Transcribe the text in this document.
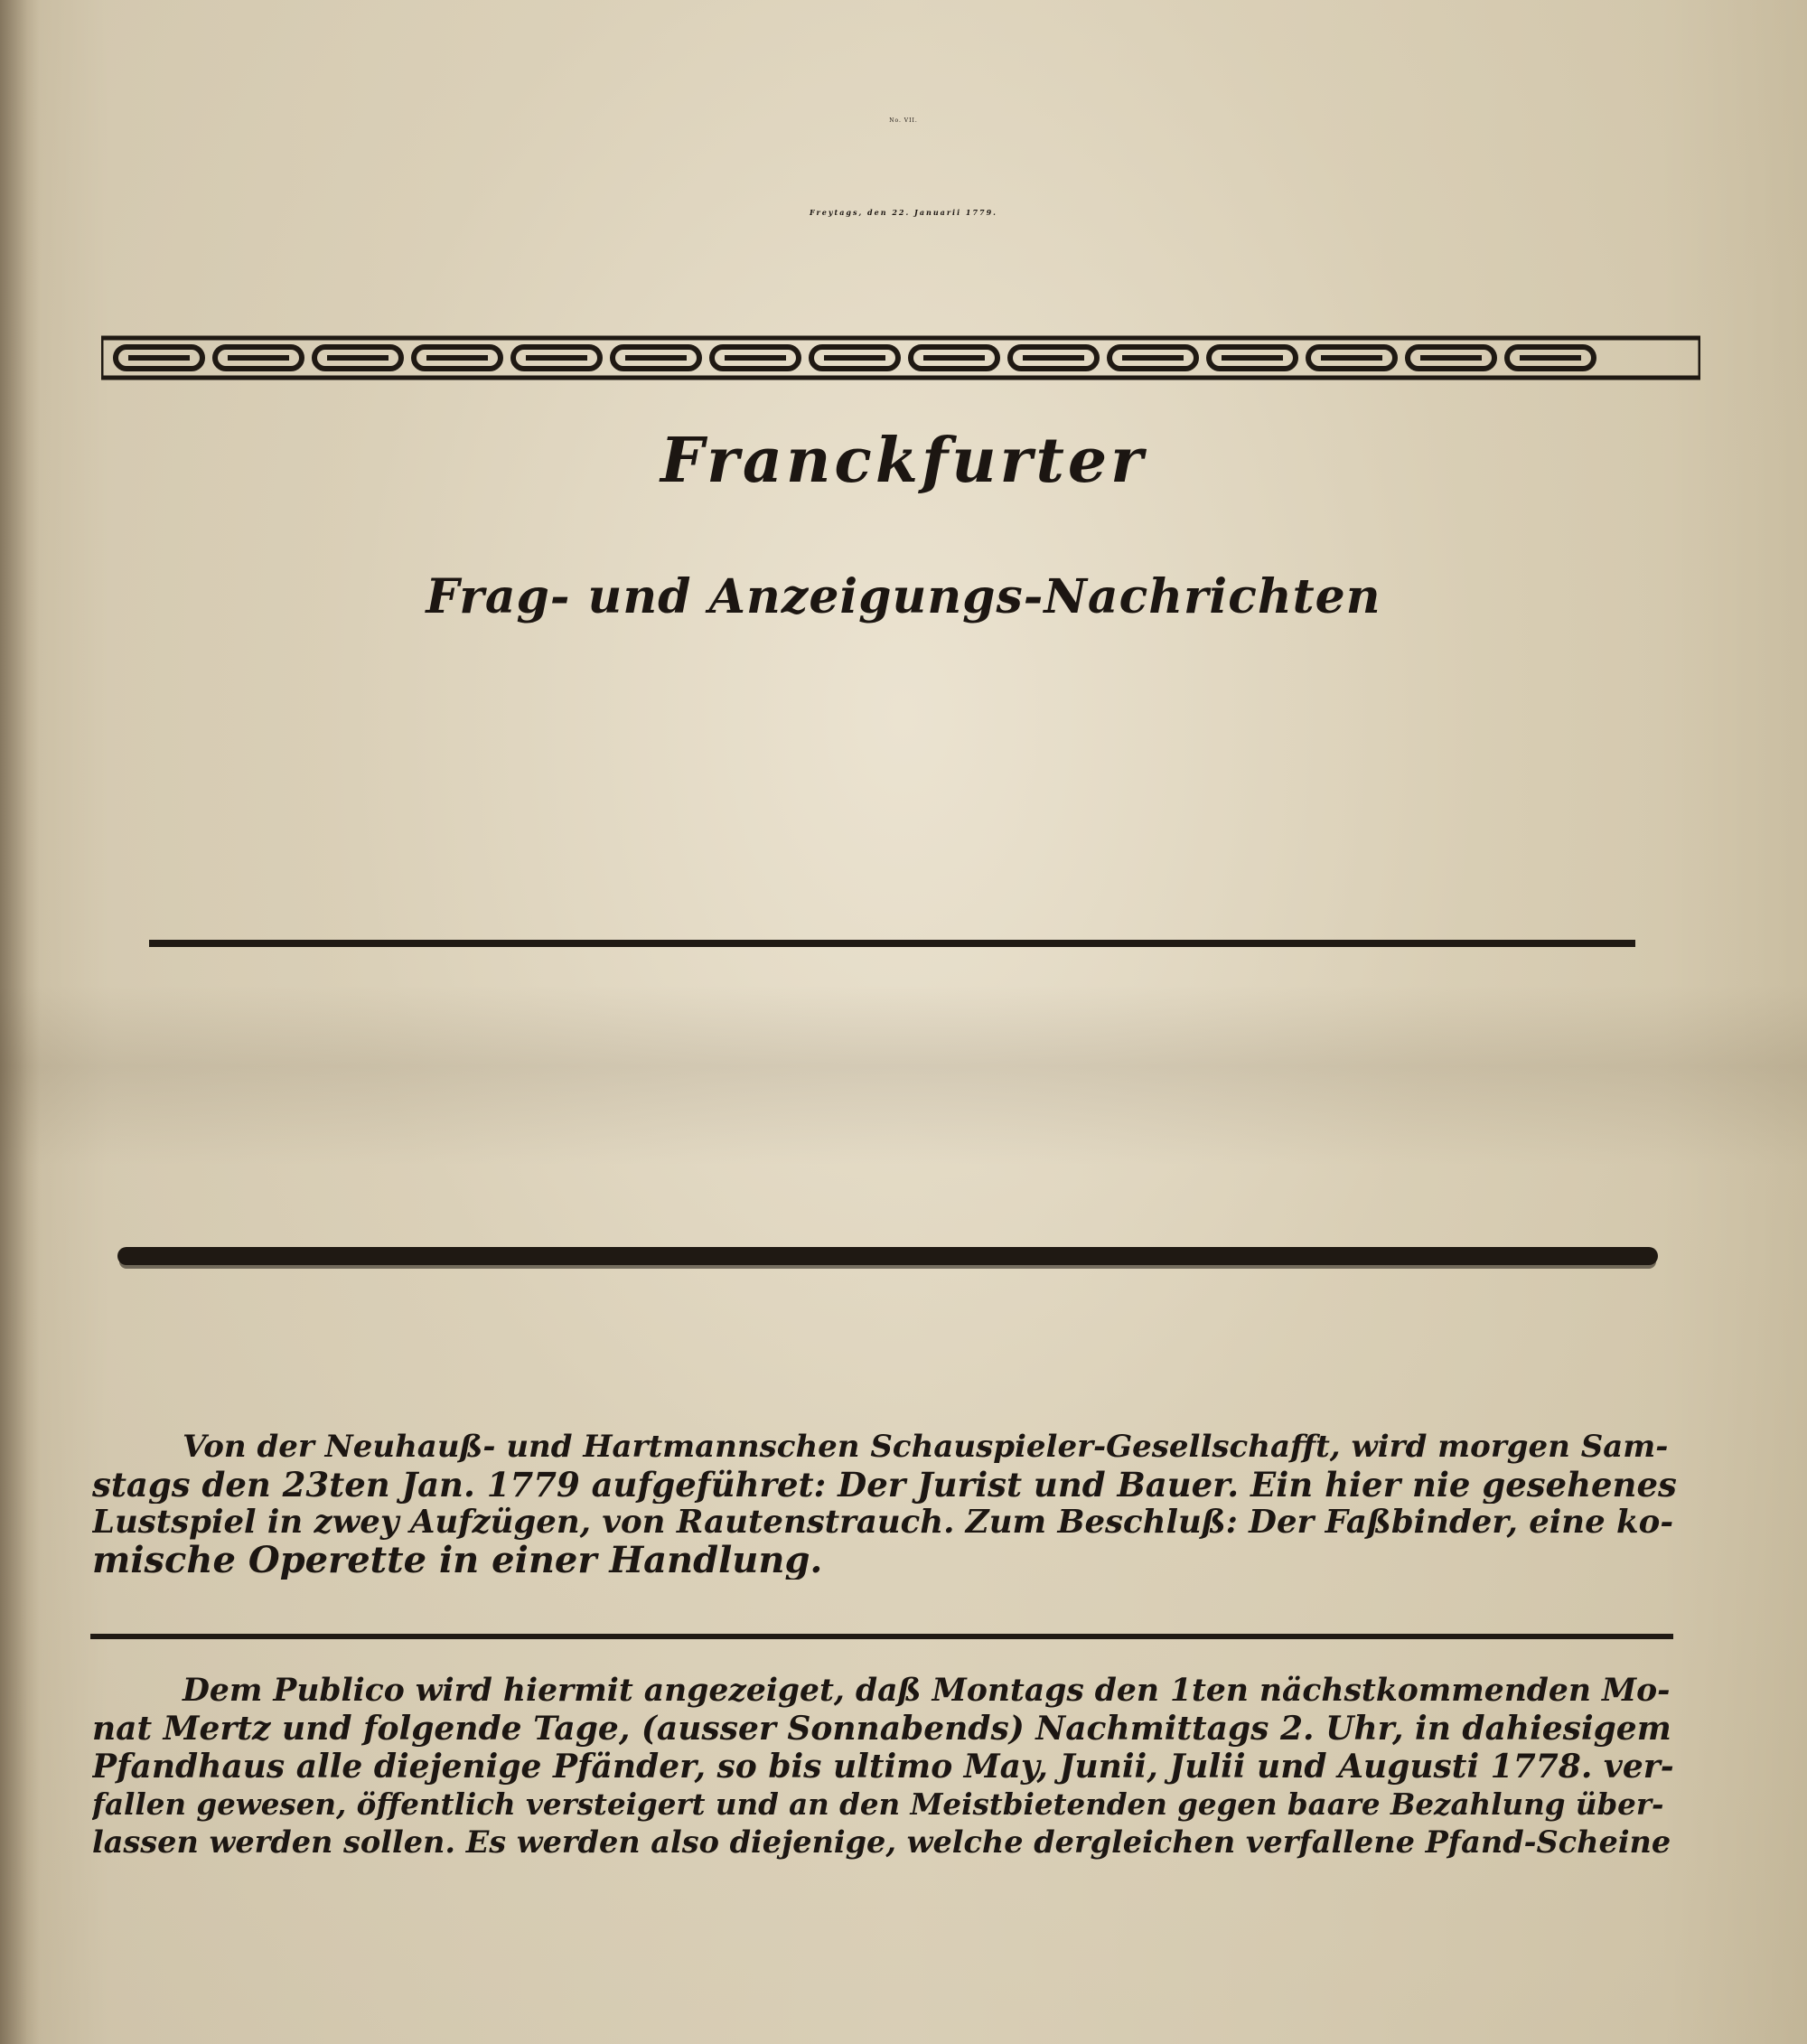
No. VII.
Freytags, den 22. Januarii 1779.
Franckfurter
Frag- und Anzeigungs-Nachrichten
Von der Neuhauß- und Hartmannschen Schauspieler-Gesellschafft, wird morgen Sam-
stags den 23ten Jan. 1779 aufgeführet: Der Jurist und Bauer. Ein hier nie gesehenes
Lustspiel in zwey Aufzügen, von Rautenstrauch. Zum Beschluß: Der Faßbinder, eine ko-
mische Operette in einer Handlung.
Dem Publico wird hiermit angezeiget, daß Montags den 1ten nächstkommenden Mo-
nat Mertz und folgende Tage, (ausser Sonnabends) Nachmittags 2. Uhr, in dahiesigem
Pfandhaus alle diejenige Pfänder, so bis ultimo May, Junii, Julii und Augusti 1778. ver-
fallen gewesen, öffentlich versteigert und an den Meistbietenden gegen baare Bezahlung über-
lassen werden sollen. Es werden also diejenige, welche dergleichen verfallene Pfand-Scheine
